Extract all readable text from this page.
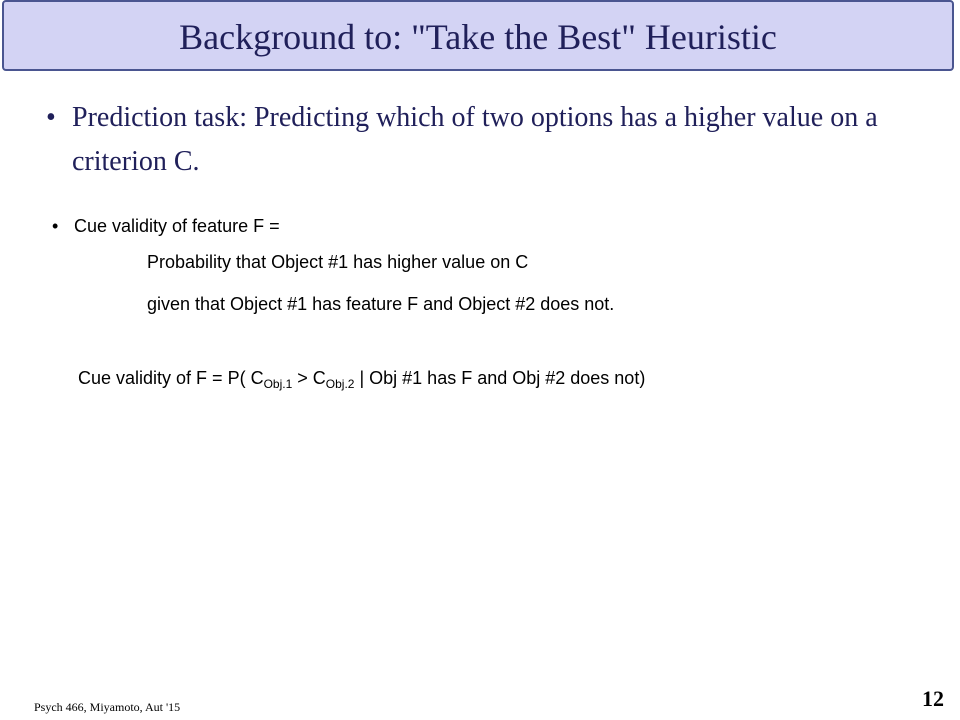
Background to: "Take the Best" Heuristic
• Prediction task: Predicting which of two options has a higher value on a criterion C.
• Cue validity of feature F =
Probability that Object #1 has higher value on C
given that Object #1 has feature F and Object #2 does not.
Cue validity of F = P( $C_{Obj.1} > C_{Obj.2}$ | Obj #1 has F and Obj #2 does not)
Psych 466, Miyamoto, Aut '15	12
